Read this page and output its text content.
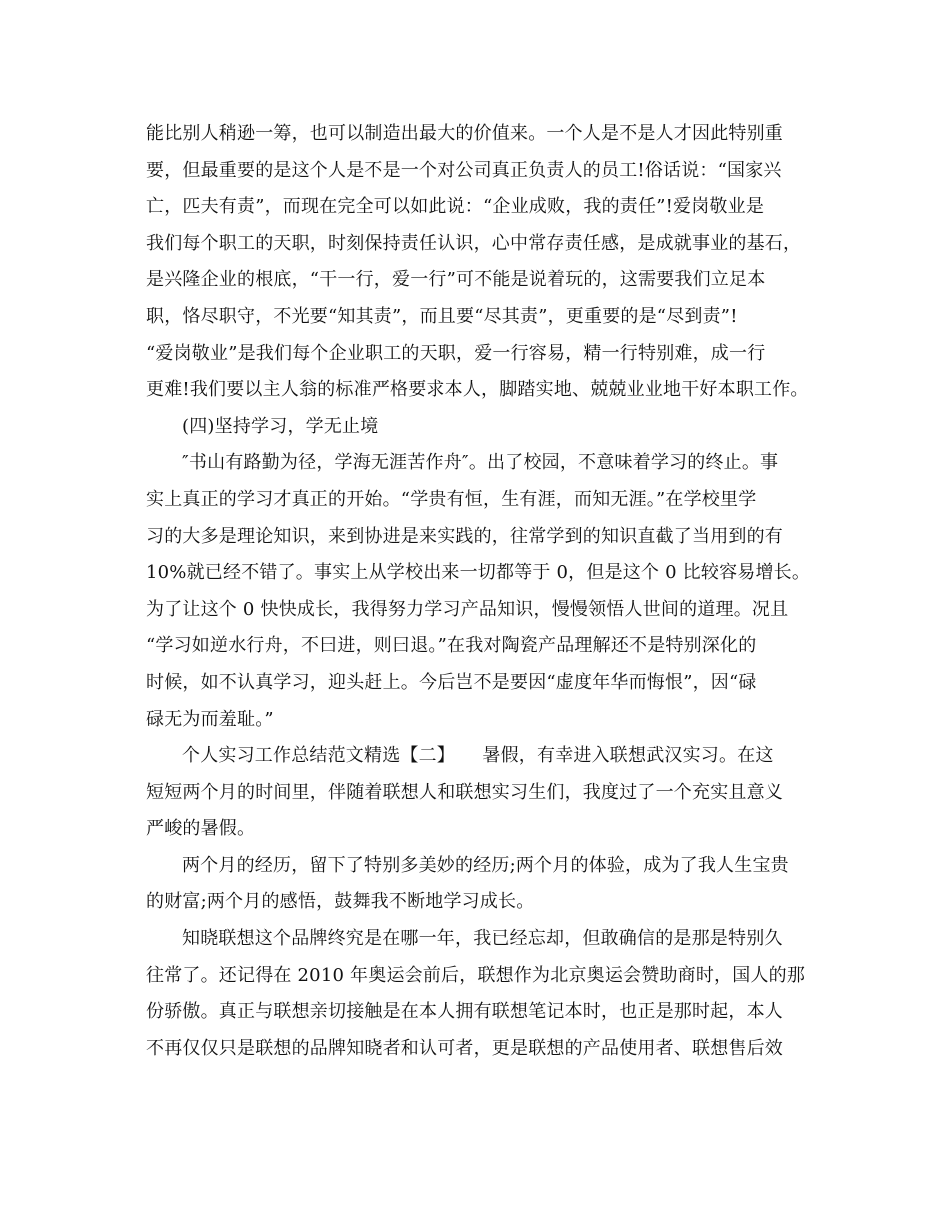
能比别人稍逊一筹，也可以制造出最大的价值来。一个人是不是人才因此特别重
要，但最重要的是这个人是不是一个对公司真正负责人的员工!俗话说：“国家兴
亡，匹夫有责”，而现在完全可以如此说：“企业成败，我的责任”!爱岗敬业是
我们每个职工的天职，时刻保持责任认识，心中常存责任感，是成就事业的基石，
是兴隆企业的根底，“干一行，爱一行”可不能是说着玩的，这需要我们立足本
职，恪尽职守，不光要“知其责”，而且要“尽其责”，更重要的是“尽到责”!
“爱岗敬业”是我们每个企业职工的天职，爱一行容易，精一行特别难，成一行
更难!我们要以主人翁的标准严格要求本人，脚踏实地、兢兢业业地干好本职工作。
(四)坚持学习，学无止境
″书山有路勤为径，学海无涯苦作舟″。出了校园，不意味着学习的终止。事
实上真正的学习才真正的开始。“学贵有恒，生有涯，而知无涯。”在学校里学
习的大多是理论知识，来到协进是来实践的，往常学到的知识直截了当用到的有
10%就已经不错了。事实上从学校出来一切都等于 0，但是这个 0 比较容易增长。
为了让这个 0 快快成长，我得努力学习产品知识，慢慢领悟人世间的道理。况且
“学习如逆水行舟，不曰进，则曰退。”在我对陶瓷产品理解还不是特别深化的
时候，如不认真学习，迎头赶上。今后岂不是要因“虚度年华而悔恨”，因“碌
碌无为而羞耻。”
个人实习工作总结范文精选【二】　　暑假，有幸进入联想武汉实习。在这
短短两个月的时间里，伴随着联想人和联想实习生们，我度过了一个充实且意义
严峻的暑假。
两个月的经历，留下了特别多美妙的经历;两个月的体验，成为了我人生宝贵
的财富;两个月的感悟，鼓舞我不断地学习成长。
知晓联想这个品牌终究是在哪一年，我已经忘却，但敢确信的是那是特别久
往常了。还记得在 2010 年奥运会前后，联想作为北京奥运会赞助商时，国人的那
份骄傲。真正与联想亲切接触是在本人拥有联想笔记本时，也正是那时起，本人
不再仅仅只是联想的品牌知晓者和认可者，更是联想的产品使用者、联想售后效
